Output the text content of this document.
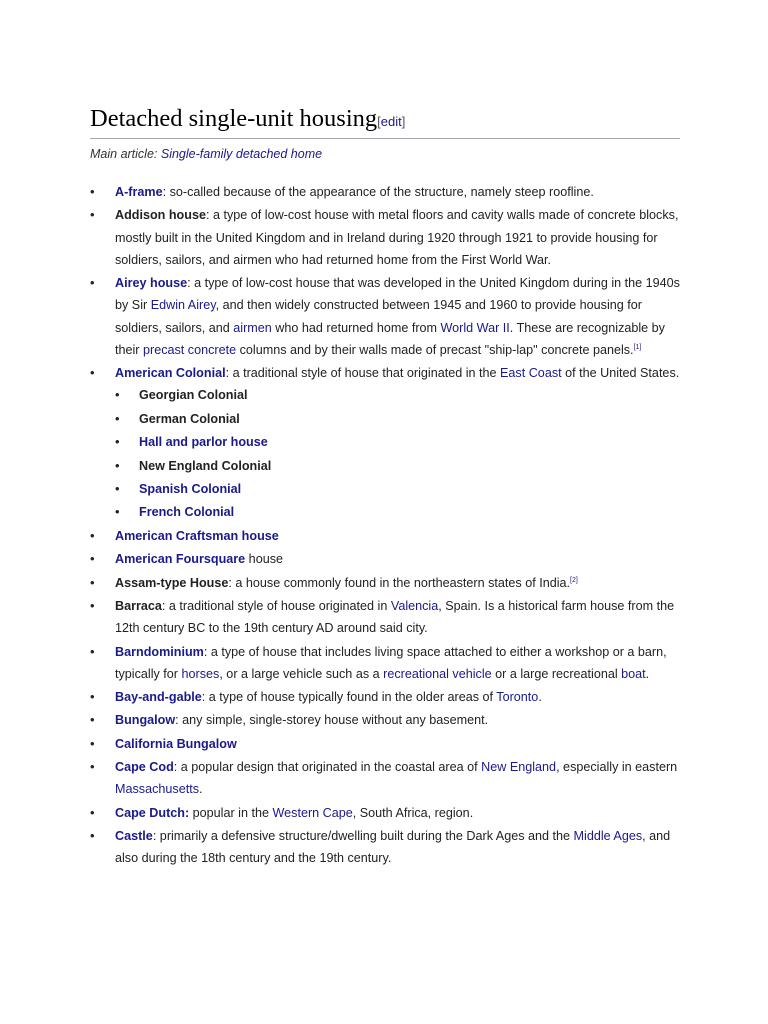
Detached single-unit housing[edit]
Main article: Single-family detached home
• A-frame: so-called because of the appearance of the structure, namely steep roofline.
• Addison house: a type of low-cost house with metal floors and cavity walls made of concrete blocks, mostly built in the United Kingdom and in Ireland during 1920 through 1921 to provide housing for soldiers, sailors, and airmen who had returned home from the First World War.
• Airey house: a type of low-cost house that was developed in the United Kingdom during in the 1940s by Sir Edwin Airey, and then widely constructed between 1945 and 1960 to provide housing for soldiers, sailors, and airmen who had returned home from World War II. These are recognizable by their precast concrete columns and by their walls made of precast "ship-lap" concrete panels.[1]
• American Colonial: a traditional style of house that originated in the East Coast of the United States.
• Georgian Colonial
• German Colonial
• Hall and parlor house
• New England Colonial
• Spanish Colonial
• French Colonial
• American Craftsman house
• American Foursquare house
• Assam-type House: a house commonly found in the northeastern states of India.[2]
• Barraca: a traditional style of house originated in Valencia, Spain. Is a historical farm house from the 12th century BC to the 19th century AD around said city.
• Barndominium: a type of house that includes living space attached to either a workshop or a barn, typically for horses, or a large vehicle such as a recreational vehicle or a large recreational boat.
• Bay-and-gable: a type of house typically found in the older areas of Toronto.
• Bungalow: any simple, single-storey house without any basement.
• California Bungalow
• Cape Cod: a popular design that originated in the coastal area of New England, especially in eastern Massachusetts.
• Cape Dutch: popular in the Western Cape, South Africa, region.
• Castle: primarily a defensive structure/dwelling built during the Dark Ages and the Middle Ages, and also during the 18th century and the 19th century.
